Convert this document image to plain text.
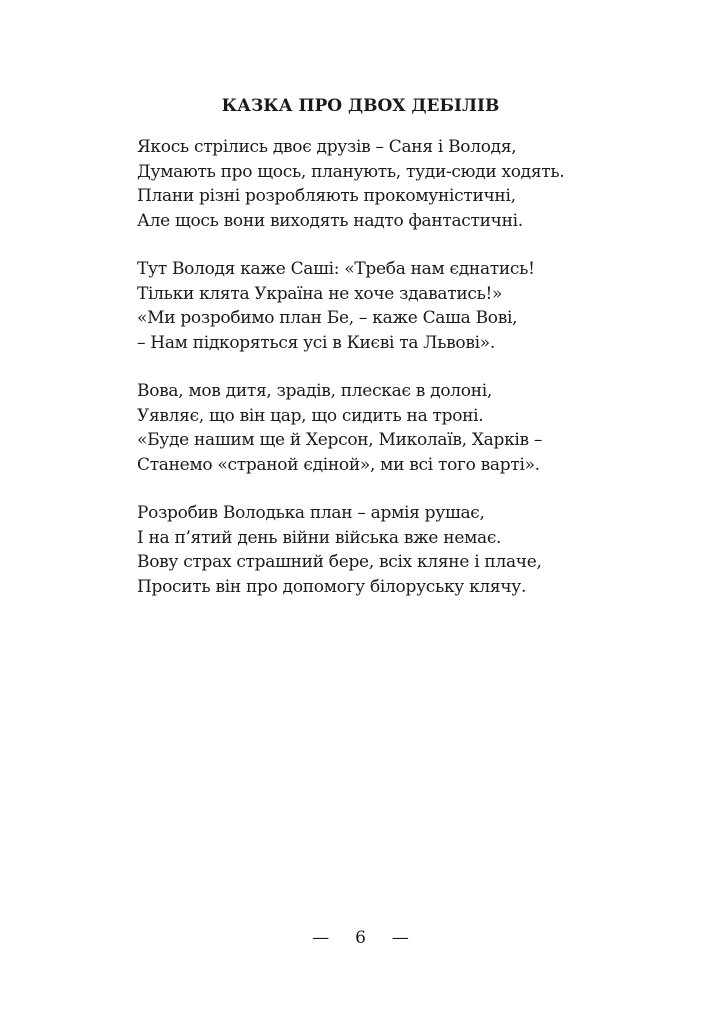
КАЗКА ПРО ДВОХ ДЕБІЛІВ
Якось стрілись двоє друзів – Саня і Володя,
Думають про щось, планують, туди-сюди ходять.
Плани різні розробляють прокомуністичні,
Але щось вони виходять надто фантастичні.
Тут Володя каже Саші: «Треба нам єднатись!
Тільки клята Україна не хоче здаватись!»
«Ми розробимо план Бе, – каже Саша Вові,
– Нам підкоряться усі в Києві та Львові».
Вова, мов дитя, зрадів, плескає в долоні,
Уявляє, що він цар, що сидить на троні.
«Буде нашим ще й Херсон, Миколаїв, Харків –
Станемо «страной єдіной», ми всі того варті».
Розробив Володька план – армія рушає,
І на п’ятий день війни війська вже немає.
Вову страх страшний бере, всіх кляне і плаче,
Просить він про допомогу білоруську клячу.
— 6 —
